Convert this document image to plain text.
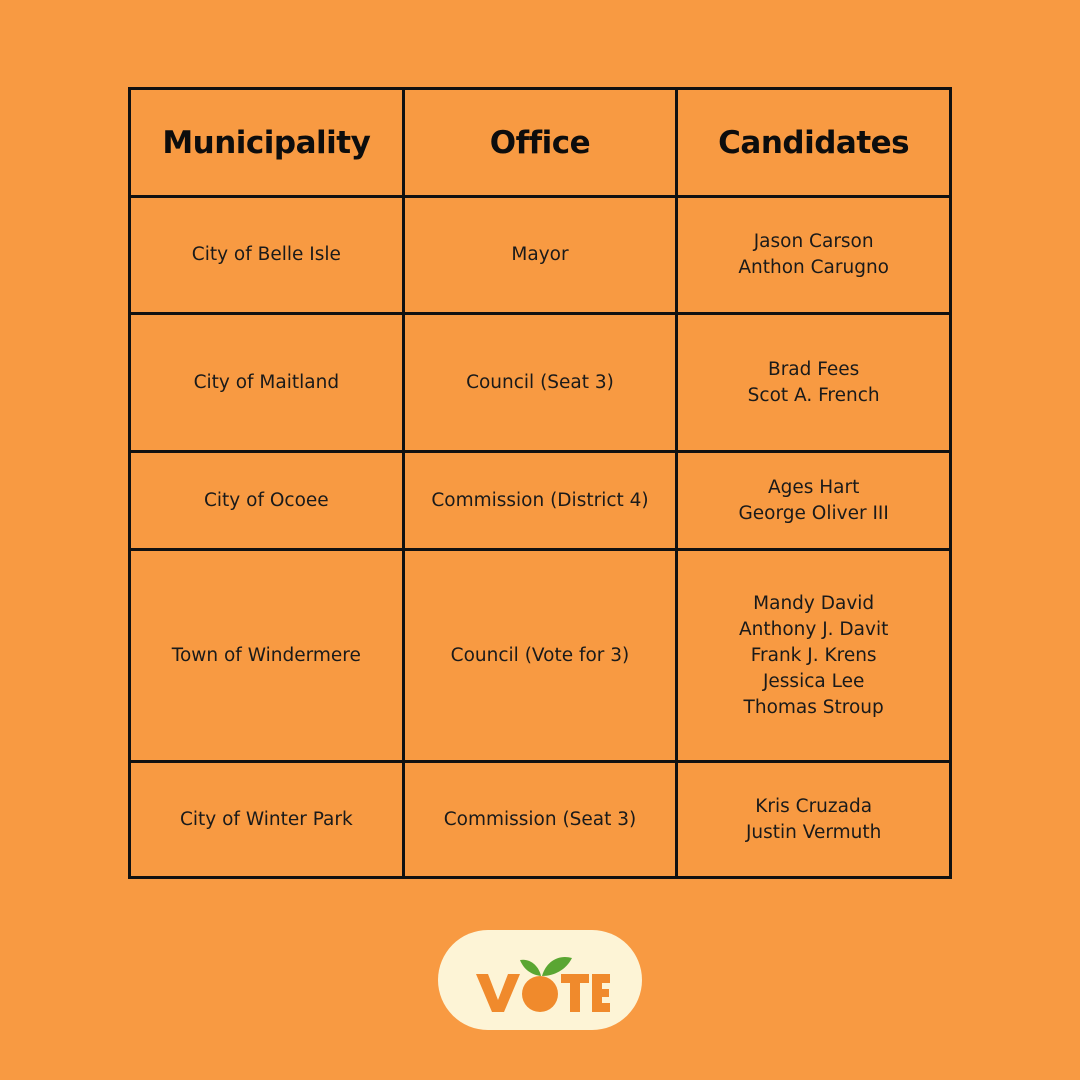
Municipality	Office	Candidates
City of Belle Isle	Mayor	Jason Carson
Anthon Carugno

City of Maitland	Council (Seat 3)	Brad Fees
Scot A. French

City of Ocoee	Commission (District 4)	Ages Hart
George Oliver III

Town of Windermere	Council (Vote for 3)	Mandy David
Anthony J. Davit
Frank J. Krens
Jessica Lee
Thomas Stroup

City of Winter Park	Commission (Seat 3)	Kris Cruzada
Justin Vermuth
